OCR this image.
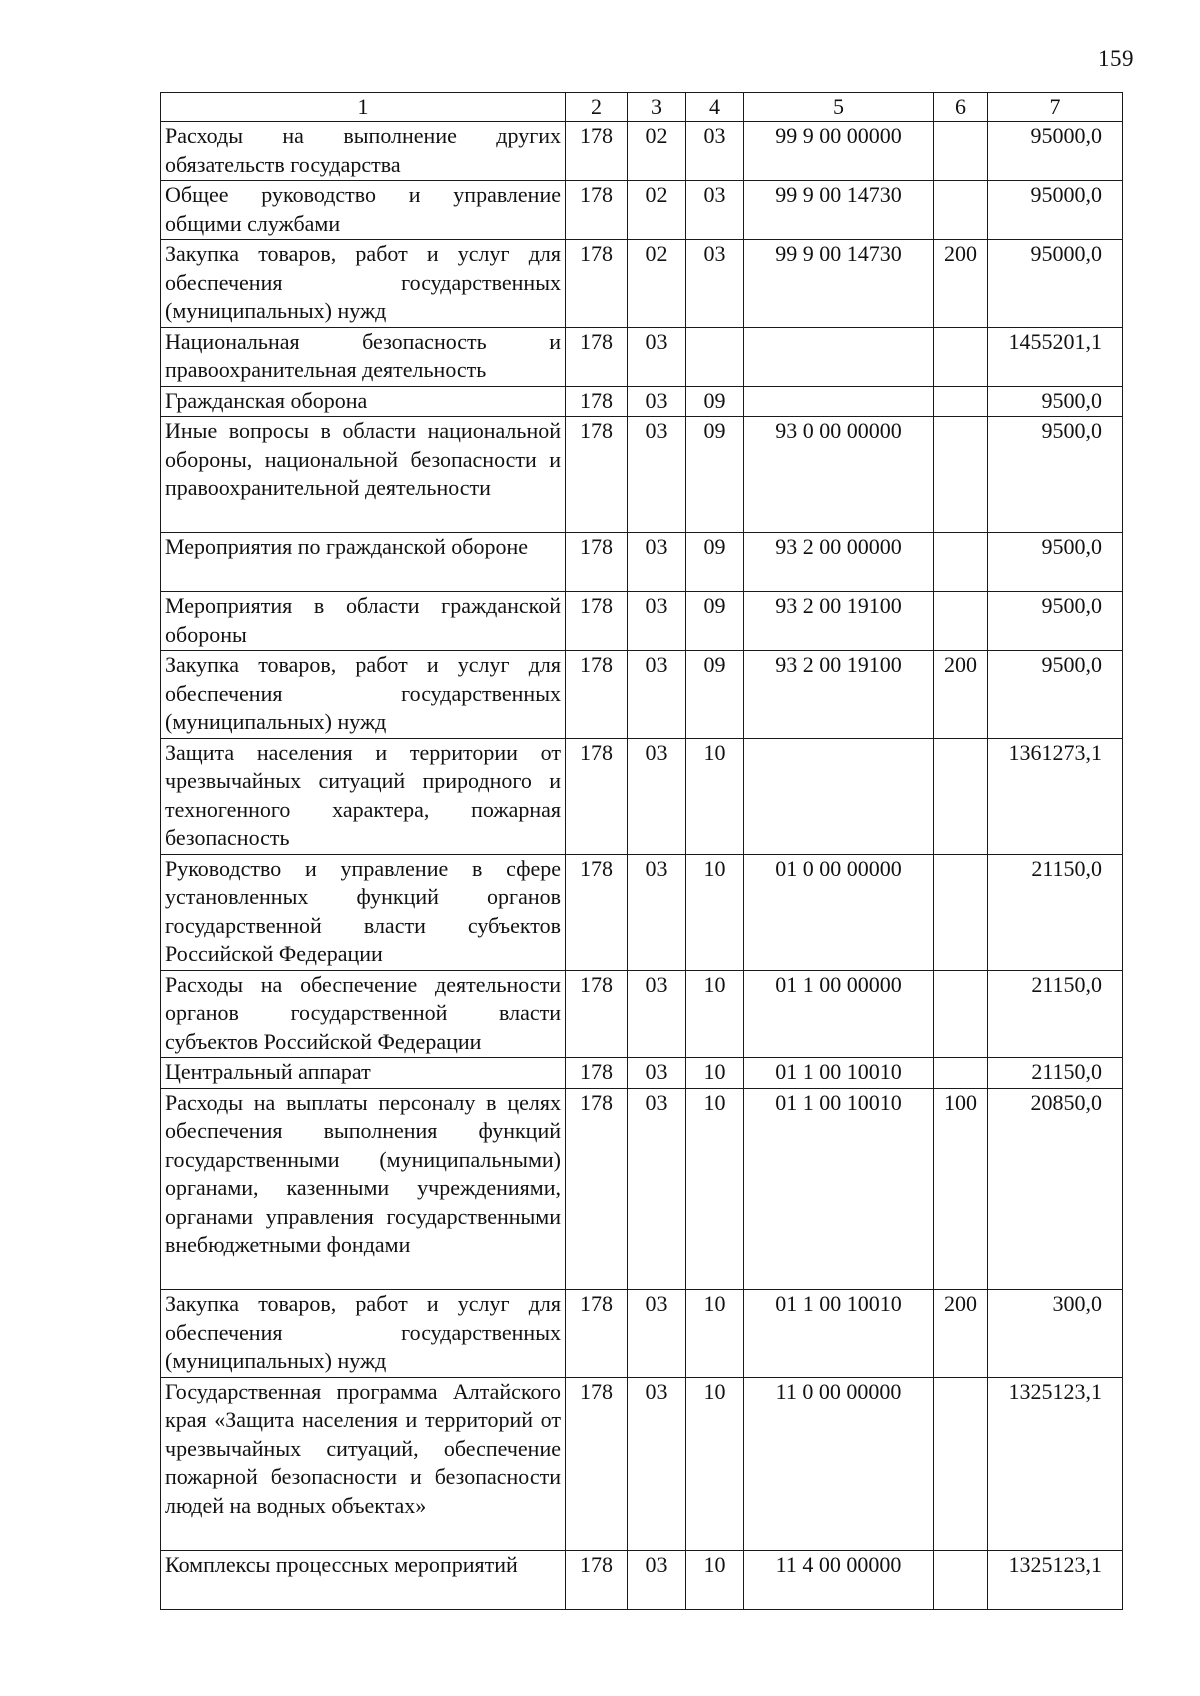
159
1	2	3	4	5	6	7
Расходы на выполнение других обязательств государства	178	02	03	99 9 00 00000		95000,0
Общее руководство и управление общими службами	178	02	03	99 9 00 14730		95000,0
Закупка товаров, работ и услуг для обеспечения государственных (муниципальных) нужд	178	02	03	99 9 00 14730	200	95000,0
Национальная безопасность и правоохранительная деятельность	178	03				1455201,1
Гражданская оборона	178	03	09			9500,0
Иные вопросы в области национальной обороны, национальной безопасности и правоохранительной деятельности	178	03	09	93 0 00 00000		9500,0
Мероприятия по гражданской обороне	178	03	09	93 2 00 00000		9500,0
Мероприятия в области гражданской обороны	178	03	09	93 2 00 19100		9500,0
Закупка товаров, работ и услуг для обеспечения государственных (муниципальных) нужд	178	03	09	93 2 00 19100	200	9500,0
Защита населения и территории от чрезвычайных ситуаций природного и техногенного характера, пожарная безопасность	178	03	10			1361273,1
Руководство и управление в сфере установленных функций органов государственной власти субъектов Российской Федерации	178	03	10	01 0 00 00000		21150,0
Расходы на обеспечение деятельности органов государственной власти субъектов Российской Федерации	178	03	10	01 1 00 00000		21150,0
Центральный аппарат	178	03	10	01 1 00 10010		21150,0
Расходы на выплаты персоналу в целях обеспечения выполнения функций государственными (муниципальными) органами, казенными учреждениями, органами управления государственными внебюджетными фондами	178	03	10	01 1 00 10010	100	20850,0
Закупка товаров, работ и услуг для обеспечения государственных (муниципальных) нужд	178	03	10	01 1 00 10010	200	300,0
Государственная программа Алтайского края «Защита населения и территорий от чрезвычайных ситуаций, обеспечение пожарной безопасности и безопасности людей на водных объектах»	178	03	10	11 0 00 00000		1325123,1
Комплексы процессных мероприятий	178	03	10	11 4 00 00000		1325123,1
